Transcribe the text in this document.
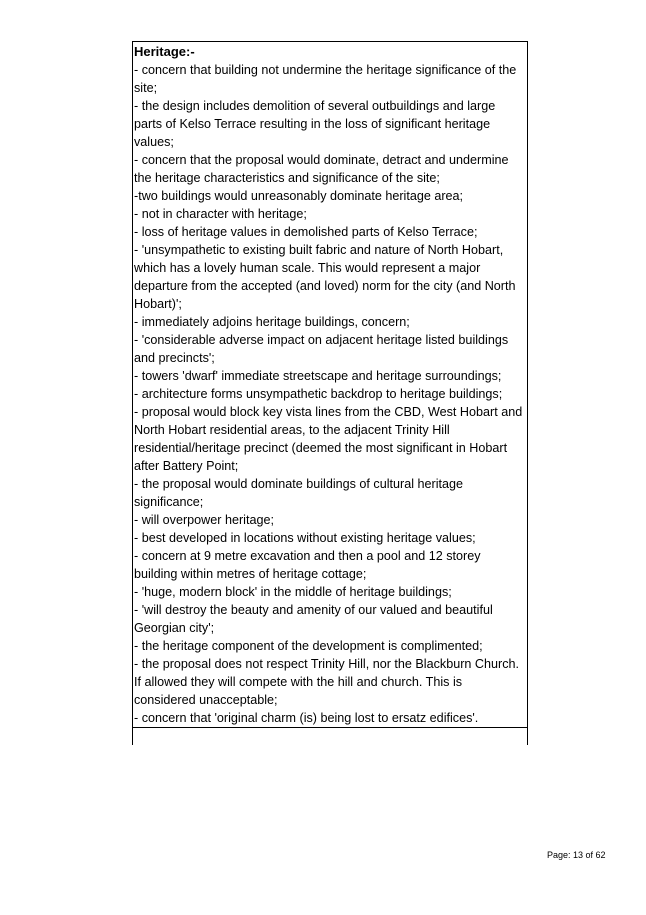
Heritage:-
- concern that building not undermine the heritage significance of the
site;
- the design includes demolition of several outbuildings and large
parts of Kelso Terrace resulting in the loss of significant heritage
values;
- concern that the proposal would dominate, detract and undermine
the heritage characteristics and significance of the site;
-two buildings would unreasonably dominate heritage area;
- not in character with heritage;
- loss of heritage values in demolished parts of Kelso Terrace;
- 'unsympathetic to existing built fabric and nature of North Hobart,
which has a lovely human scale. This would represent a major
departure from the accepted (and loved) norm for the city (and North
Hobart)';
- immediately adjoins heritage buildings, concern;
- 'considerable adverse impact on adjacent heritage listed buildings
and precincts';
- towers 'dwarf' immediate streetscape and heritage surroundings;
- architecture forms unsympathetic backdrop to heritage buildings;
- proposal would block key vista lines from the CBD, West Hobart and
North Hobart residential areas, to the adjacent Trinity Hill
residential/heritage precinct (deemed the most significant in Hobart
after Battery Point;
- the proposal would dominate buildings of cultural heritage
significance;
- will overpower heritage;
- best developed in locations without existing heritage values;
- concern at 9 metre excavation and then a pool and 12 storey
building within metres of heritage cottage;
- 'huge, modern block' in the middle of heritage buildings;
- 'will destroy the beauty and amenity of our valued and beautiful
Georgian city';
- the heritage component of the development is complimented;
- the proposal does not respect Trinity Hill, nor the Blackburn Church.
If allowed they will compete with the hill and church. This is
considered unacceptable;
- concern that 'original charm (is) being lost to ersatz edifices'.
Page: 13 of 62
